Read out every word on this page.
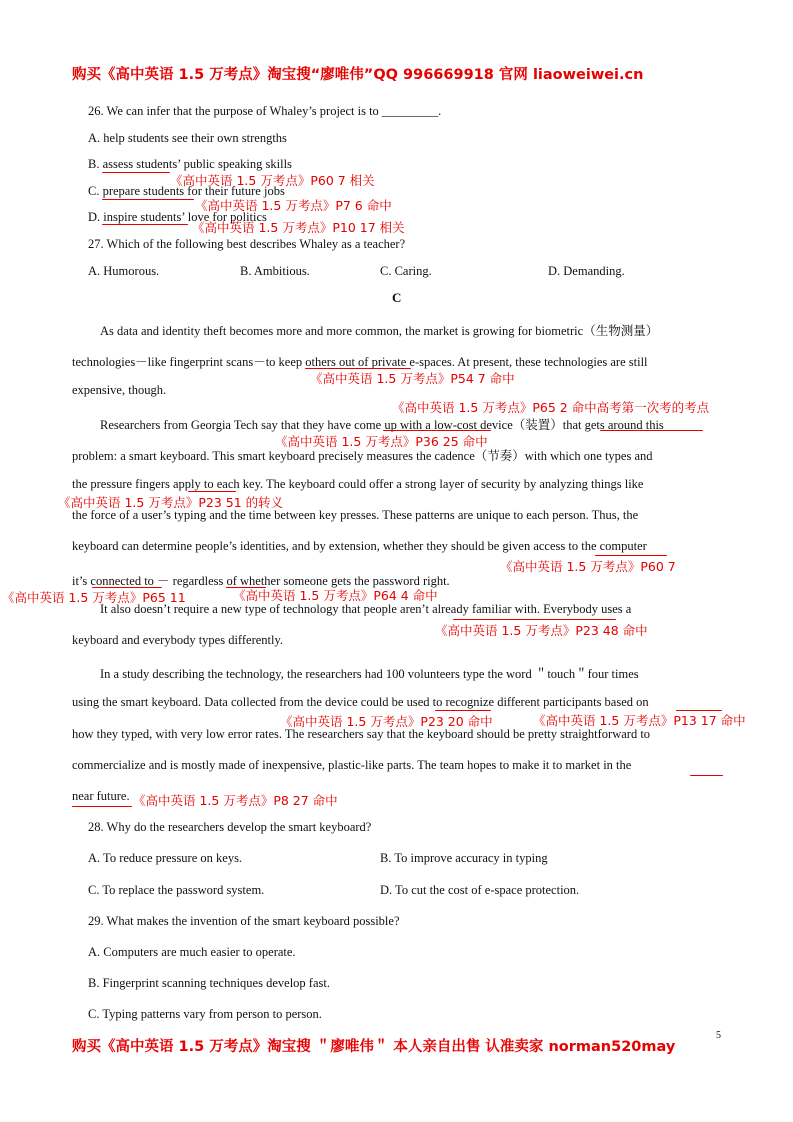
购买《高中英语 1.5 万考点》淘宝搜“廖唯伟”QQ 996669918 官网 liaoweiwei.cn
26. We can infer that the purpose of Whaley’s project is to _________.
A. help students see their own strengths
B. assess students’ public speaking skills
C. prepare students for their future jobs
D. inspire students’ love for politics
27. Which of the following best describes Whaley as a teacher?
A. Humorous.	B. Ambitious.	C. Caring.	D. Demanding.
C
As data and identity theft becomes more and more common, the market is growing for biometric（生物测量）
technologies－like fingerprint scans－to keep others out of private e-spaces. At present, these technologies are still
expensive, though.
Researchers from Georgia Tech say that they have come up with a low-cost device（装置）that gets around this
problem: a smart keyboard. This smart keyboard precisely measures the cadence（节奏）with which one types and
the pressure fingers apply to each key. The keyboard could offer a strong layer of security by analyzing things like
the force of a user’s typing and the time between key presses. These patterns are unique to each person. Thus, the
keyboard can determine people’s identities, and by extension, whether they should be given access to the computer
it’s connected to － regardless of whether someone gets the password right.
It also doesn’t require a new type of technology that people aren’t already familiar with. Everybody uses a
keyboard and everybody types differently.
In a study describing the technology, the researchers had 100 volunteers type the word ＂touch＂four times
using the smart keyboard. Data collected from the device could be used to recognize different participants based on
how they typed, with very low error rates. The researchers say that the keyboard should be pretty straightforward to
commercialize and is mostly made of inexpensive, plastic-like parts. The team hopes to make it to market in the
near future.
《高中英语 1.5 万考点》P60 7 相关
《高中英语 1.5 万考点》P7 6 命中
《高中英语 1.5 万考点》P10 17 相关
《高中英语 1.5 万考点》P54 7 命中
《高中英语 1.5 万考点》P65 2 命中高考第一次考的考点
《高中英语 1.5 万考点》P36 25 命中
《高中英语 1.5 万考点》P23 51 的转义
《高中英语 1.5 万考点》P60 7
《高中英语 1.5 万考点》P65 11	《高中英语 1.5 万考点》P64 4 命中
《高中英语 1.5 万考点》P23 48 命中
《高中英语 1.5 万考点》P23 20 命中	《高中英语 1.5 万考点》P13 17 命中
《高中英语 1.5 万考点》P8 27 命中
28. Why do the researchers develop the smart keyboard?
A. To reduce pressure on keys.	B. To improve accuracy in typing
C. To replace the password system.	D. To cut the cost of e-space protection.
29. What makes the invention of the smart keyboard possible?
A. Computers are much easier to operate.
B. Fingerprint scanning techniques develop fast.
C. Typing patterns vary from person to person.
5
购买《高中英语 1.5 万考点》淘宝搜 ＂廖唯伟＂ 本人亲自出售 认准卖家 norman520may
